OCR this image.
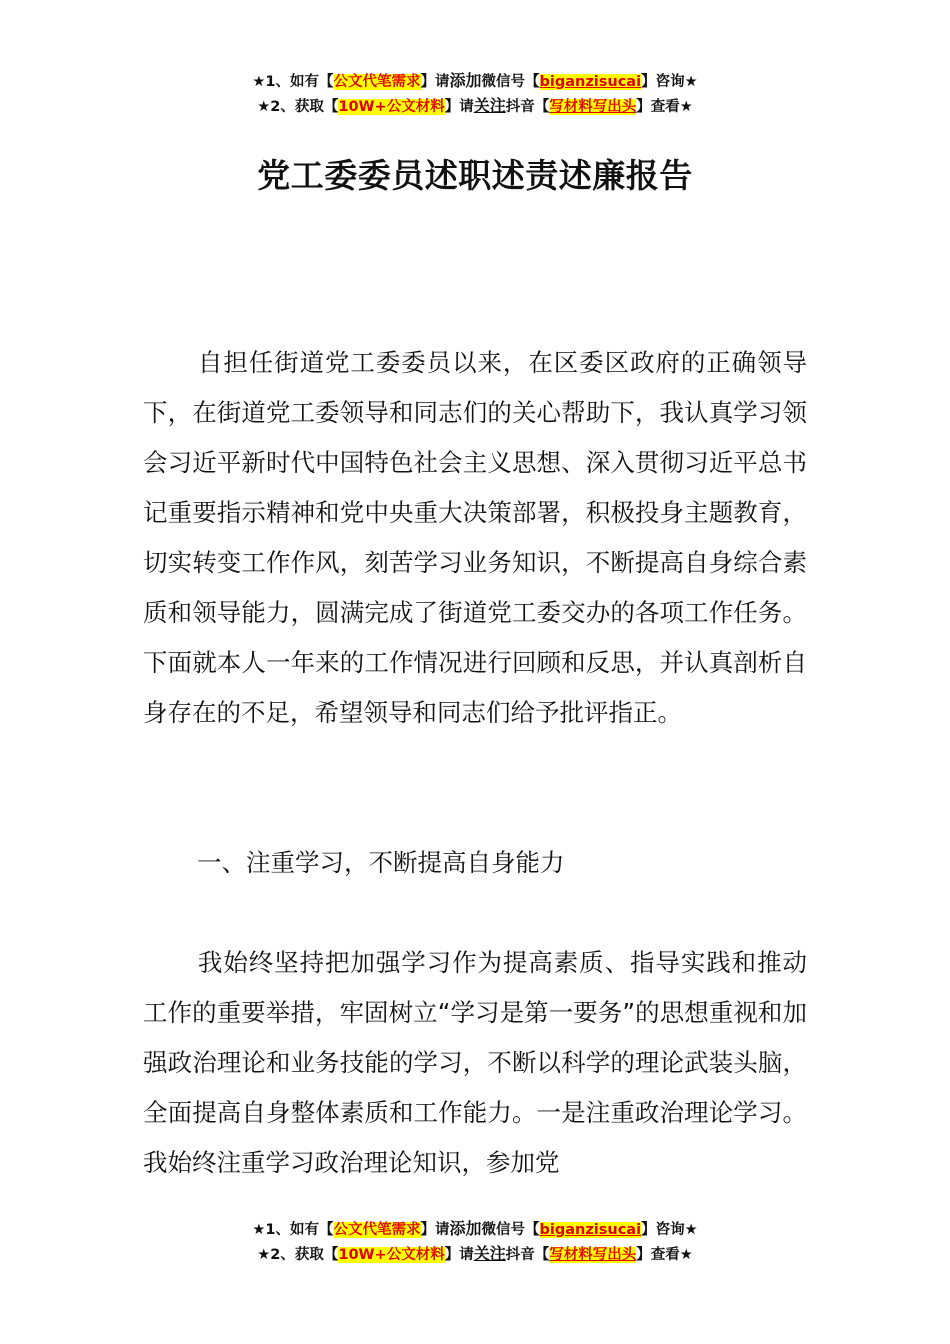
★1、如有【公文代笔需求】请添加微信号【biganzisucai】咨询★
★2、获取【10W+公文材料】请关注抖音【写材料写出头】查看★
党工委委员述职述责述廉报告

自担任街道党工委委员以来，在区委区政府的正确领导下，在街道党工委领导和同志们的关心帮助下，我认真学习领会习近平新时代中国特色社会主义思想、深入贯彻习近平总书记重要指示精神和党中央重大决策部署，积极投身主题教育，切实转变工作作风，刻苦学习业务知识，不断提高自身综合素质和领导能力，圆满完成了街道党工委交办的各项工作任务。下面就本人一年来的工作情况进行回顾和反思，并认真剖析自身存在的不足，希望领导和同志们给予批评指正。

一、注重学习，不断提高自身能力

我始终坚持把加强学习作为提高素质、指导实践和推动工作的重要举措，牢固树立“学习是第一要务”的思想重视和加强政治理论和业务技能的学习，不断以科学的理论武装头脑，全面提高自身整体素质和工作能力。一是注重政治理论学习。我始终注重学习政治理论知识，参加党

★1、如有【公文代笔需求】请添加微信号【biganzisucai】咨询★
★2、获取【10W+公文材料】请关注抖音【写材料写出头】查看★
